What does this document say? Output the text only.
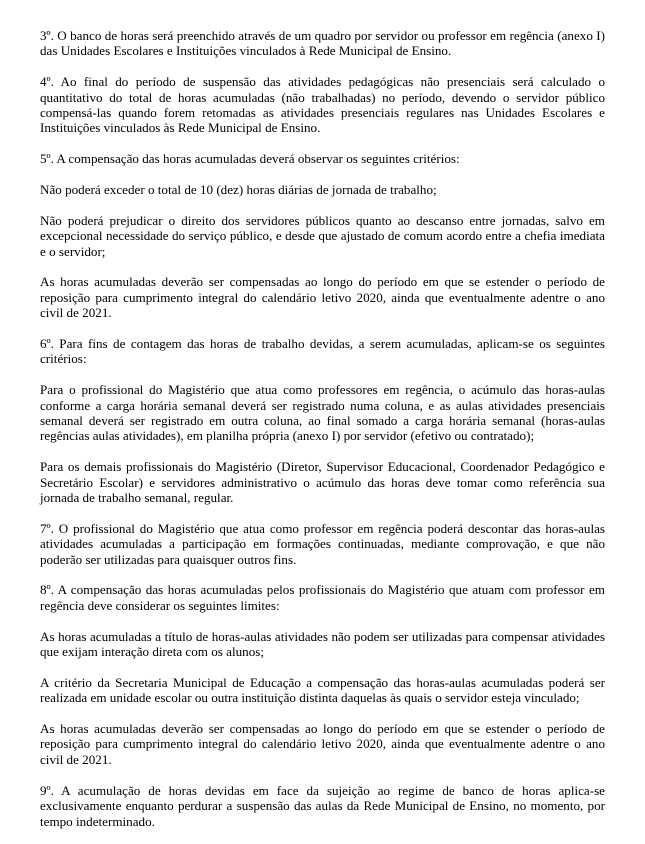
3º. O banco de horas será preenchido através de um quadro por servidor ou professor em regência (anexo I) das Unidades Escolares e Instituições vinculados à Rede Municipal de Ensino.

4º. Ao final do período de suspensão das atividades pedagógicas não presenciais será calculado o quantitativo do total de horas acumuladas (não trabalhadas) no período, devendo o servidor público compensá-las quando forem retomadas as atividades presenciais regulares nas Unidades Escolares e Instituições vinculados às Rede Municipal de Ensino.

5º. A compensação das horas acumuladas deverá observar os seguintes critérios:

Não poderá exceder o total de 10 (dez) horas diárias de jornada de trabalho;

Não poderá prejudicar o direito dos servidores públicos quanto ao descanso entre jornadas, salvo em excepcional necessidade do serviço público, e desde que ajustado de comum acordo entre a chefia imediata e o servidor;

As horas acumuladas deverão ser compensadas ao longo do período em que se estender o período de reposição para cumprimento integral do calendário letivo 2020, ainda que eventualmente adentre o ano civil de 2021.

6º. Para fins de contagem das horas de trabalho devidas, a serem acumuladas, aplicam-se os seguintes critérios:

Para o profissional do Magistério que atua como professores em regência, o acúmulo das horas-aulas conforme a carga horária semanal deverá ser registrado numa coluna, e as aulas atividades presenciais semanal deverá ser registrado em outra coluna, ao final somado a carga horária semanal (horas-aulas regências aulas atividades), em planilha própria (anexo I) por servidor (efetivo ou contratado);

Para os demais profissionais do Magistério (Diretor, Supervisor Educacional, Coordenador Pedagógico e Secretário Escolar) e servidores administrativo o acúmulo das horas deve tomar como referência sua jornada de trabalho semanal, regular.

7º. O profissional do Magistério que atua como professor em regência poderá descontar das horas-aulas atividades acumuladas a participação em formações continuadas, mediante comprovação, e que não poderão ser utilizadas para quaisquer outros fins.

8º. A compensação das horas acumuladas pelos profissionais do Magistério que atuam com professor em regência deve considerar os seguintes limites:

As horas acumuladas a título de horas-aulas atividades não podem ser utilizadas para compensar atividades que exijam interação direta com os alunos;

A critério da Secretaria Municipal de Educação a compensação das horas-aulas acumuladas poderá ser realizada em unidade escolar ou outra instituição distinta daquelas às quais o servidor esteja vinculado;

As horas acumuladas deverão ser compensadas ao longo do período em que se estender o período de reposição para cumprimento integral do calendário letivo 2020, ainda que eventualmente adentre o ano civil de 2021.

9º. A acumulação de horas devidas em face da sujeição ao regime de banco de horas aplica-se exclusivamente enquanto perdurar a suspensão das aulas da Rede Municipal de Ensino, no momento, por tempo indeterminado.
